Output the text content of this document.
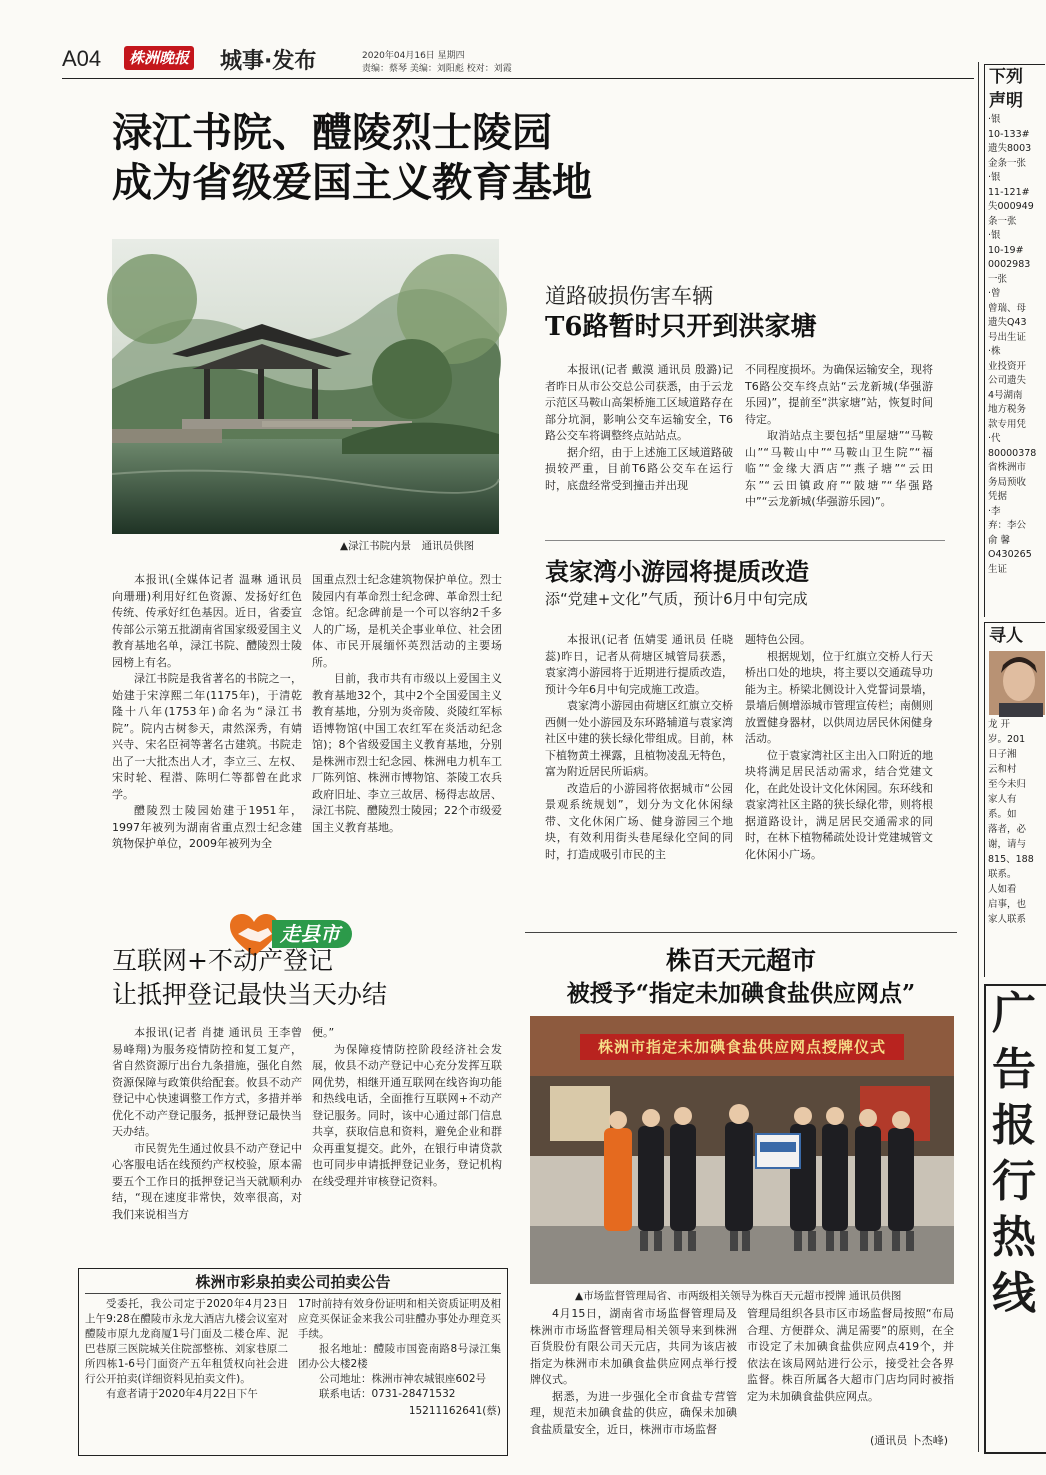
A04	株洲晚报 城事·发布	2020年04月16日 星期四
责编：蔡琴 美编：刘阳彪 校对：刘霞
渌江书院、醴陵烈士陵园
成为省级爱国主义教育基地
▲渌江书院内景　通讯员供图

本报讯(全媒体记者 温琳 通讯员 向珊珊)利用好红色资源、发扬好红色传统、传承好红色基因。近日，省委宣传部公示第五批湖南省国家级爱国主义教育基地名单，渌江书院、醴陵烈士陵园榜上有名。

渌江书院是我省著名的书院之一，始建于宋淳熙二年(1175年)，于清乾隆十八年(1753年)命名为“渌江书院”。院内古树参天，肃然深秀，有婧兴寺、宋名臣祠等著名古建筑。书院走出了一大批杰出人才，李立三、左权、宋时轮、程潜、陈明仁等都曾在此求学。

醴陵烈士陵园始建于1951年，1997年被列为湖南省重点烈士纪念建筑物保护单位，2009年被列为全

国重点烈士纪念建筑物保护单位。烈士陵园内有革命烈士纪念碑、革命烈士纪念馆。纪念碑前是一个可以容纳2千多人的广场，是机关企事业单位、社会团体、市民开展缅怀英烈活动的主要场所。

目前，我市共有市级以上爱国主义教育基地32个，其中2个全国爱国主义教育基地，分别为炎帝陵、炎陵红军标语博物馆(中国工农红军在炎活动纪念馆)；8个省级爱国主义教育基地，分别是株洲市烈士纪念园、株洲电力机车工厂陈列馆、株洲市博物馆、茶陵工农兵政府旧址、李立三故居、杨得志故居、渌江书院、醴陵烈士陵园；22个市级爱国主义教育基地。

道路破损伤害车辆
T6路暂时只开到洪家塘

本报讯(记者 戴漠 通讯员 殷潞)记者昨日从市公交总公司获悉，由于云龙示范区马鞍山高架桥施工区域道路存在部分坑洞，影响公交车运输安全，T6路公交车将调整终点站站点。

据介绍，由于上述施工区域道路破损较严重，目前T6路公交车在运行时，底盘经常受到撞击并出现

不同程度损坏。为确保运输安全，现将T6路公交车终点站“云龙新城(华强游乐园)”，提前至“洪家塘”站，恢复时间待定。

取消站点主要包括“里屋塘”“马鞍山”“马鞍山中”“马鞍山卫生院”“福临”“金缘大酒店”“燕子塘”“云田东”“云田镇政府”“陂塘”“华强路中”“云龙新城(华强游乐园)”。

袁家湾小游园将提质改造
添“党建+文化”气质，预计6月中旬完成

本报讯(记者 伍婧雯 通讯员 任晓蕊)昨日，记者从荷塘区城管局获悉，袁家湾小游园将于近期进行提质改造，预计今年6月中旬完成施工改造。

袁家湾小游园由荷塘区红旗立交桥西侧一处小游园及东环路辅道与袁家湾社区中建的狭长绿化带组成。目前，林下植物黄土裸露，且植物凌乱无特色，富为附近居民所诟病。

改造后的小游园将依据城市“公园景观系统规划”，划分为文化休闲绿带、文化休闲广场、健身游园三个地块，有效利用街头巷尾绿化空间的同时，打造成吸引市民的主

题特色公园。

根据规划，位于红旗立交桥人行天桥出口处的地块，将主要以交通疏导功能为主。桥梁北侧设计入党誓词景墙，景墙后侧增添城市管理宣传栏；南侧则放置健身器材，以供周边居民休闲健身活动。

位于袁家湾社区主出入口附近的地块将满足居民活动需求，结合党建文化，在此处设计文化休闲园。东环线和袁家湾社区主路的狭长绿化带，则将根据道路设计，满足居民交通需求的同时，在林下植物稀疏处设计党建城管文化休闲小广场。

走县市
互联网+不动产登记
让抵押登记最快当天办结

本报讯(记者 肖捷 通讯员 王李曾 易峰翔)为服务疫情防控和复工复产，省自然资源厅出台九条措施，强化自然资源保障与政策供给配套。攸县不动产登记中心快速调整工作方式，多措并举优化不动产登记服务，抵押登记最快当天办结。

市民贺先生通过攸县不动产登记中心客服电话在线预约产权校验，原本需要五个工作日的抵押登记当天就顺利办结，“现在速度非常快，效率很高，对我们来说相当方

便。”

为保障疫情防控阶段经济社会发展，攸县不动产登记中心充分发挥互联网优势，相继开通互联网在线咨询功能和热线电话，全面推行互联网+不动产登记服务。同时，该中心通过部门信息共享，获取信息和资料，避免企业和群众再重复提交。此外，在银行申请贷款也可同步申请抵押登记业务，登记机构在线受理并审核登记资料。

株洲市彩泉拍卖公司拍卖公告

受委托，我公司定于2020年4月23日上午9:28在醴陵市永龙大酒店九楼会议室对醴陵市原九龙商厦1号门面及二楼仓库、泥巴巷原三医院城关住院部整栋、刘家巷原二所四栋1-6号门面资产五年租赁权向社会进行公开拍卖(详细资料见拍卖文件)。

有意者请于2020年4月22日下午

17时前持有效身份证明和相关资质证明及相应竞买保证金来我公司驻醴办事处办理竞买手续。

报名地址：醴陵市国瓷南路8号渌江集团办公大楼2楼

公司地址：株洲市神农城银座602号

联系电话：0731-28471532

15211162641(蔡)

株百天元超市
被授予“指定未加碘食盐供应网点”
株洲市指定未加碘食盐供应网点授牌仪式
▲市场监督管理局省、市两级相关领导为株百天元超市授牌 通讯员供图

4月15日，湖南省市场监督管理局及株洲市市场监督管理局相关领导来到株洲百货股份有限公司天元店，共同为该店被指定为株洲市未加碘食盐供应网点举行授牌仪式。

据悉，为进一步强化全市食盐专营管理，规范未加碘食盐的供应，确保未加碘食盐质量安全，近日，株洲市市场监督

管理局组织各县市区市场监督局按照“布局合理、方便群众、满足需要”的原则，在全市设定了未加碘食盐供应网点419个，并依法在该局网站进行公示，接受社会各界监督。株百所属各大超市门店均同时被指定为未加碘食盐供应网点。

(通讯员 卜杰峰)
下列
声明
·银
10-133#
遗失8003
金条一张
·银
11-121#
失000949
条一张
·银
10-19#
0002983
一张
·曾
曾瑞、母
遗失Q43
号出生证
·株
业投资开
公司遗失
4号湖南
地方税务
款专用凭
·代
80000378
省株洲市
务局预收
凭据
·李
弃：李公
俞 馨
O430265
生证
寻人
龙 开
岁。201
日子湘
云和村
至今未归
家人有
系。如
落者，必
谢，请与
815、188
联系。
人如看
启事，也
家人联系
广
告
报
行
热
线
